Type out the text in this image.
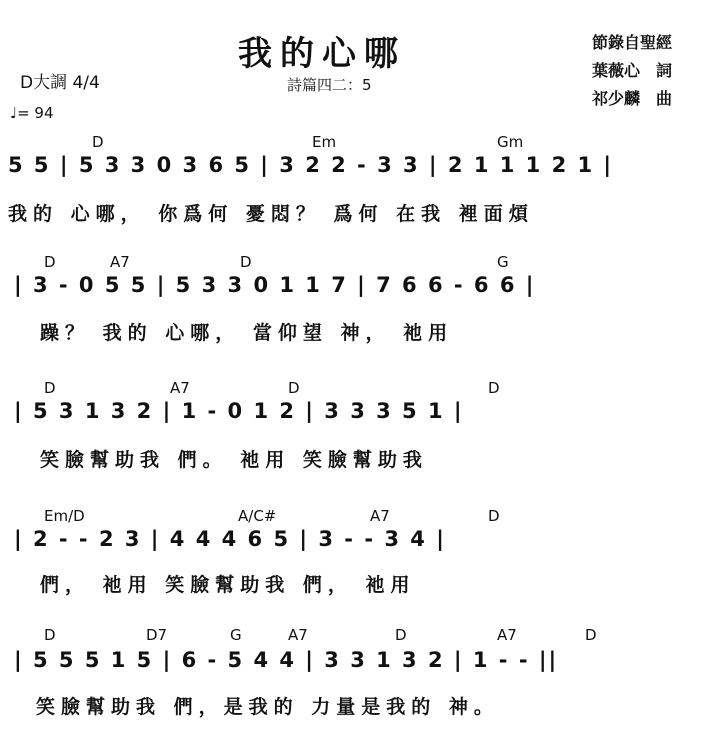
我的心哪
詩篇四二：5
D大調 4/4
♩= 94
節錄自聖經
葉薇心　詞
祁少麟　曲
D	Em	Gm
5 5 | 5 3 3 0 3 6 5 | 3 2 2 - 3 3 | 2 1 1 1 2 1 |
我的 心哪， 你爲何 憂悶？ 爲何 在我 裡面煩
D	A7	D	G
| 3 - 0 5 5 | 5 3 3 0 1 1 7 | 7 6 6 - 6 6 |
躁？ 我的 心哪， 當仰望 神， 祂用
D	A7	D	D
| 5 3 1 3 2 | 1 - 0 1 2 | 3 3 3 5 1 |
笑臉幫助我 們。 祂用 笑臉幫助我
Em/D	A/C#	A7	D
| 2 - - 2 3 | 4 4 4 6 5 | 3 - - 3 4 |
們， 祂用 笑臉幫助我 們， 祂用
D	D7	G	A7	D	A7	D
| 5 5 5 1 5 | 6 - 5 4 4 | 3 3 1 3 2 | 1 - - ||
笑臉幫助我 們，是我的 力量是我的 神。
